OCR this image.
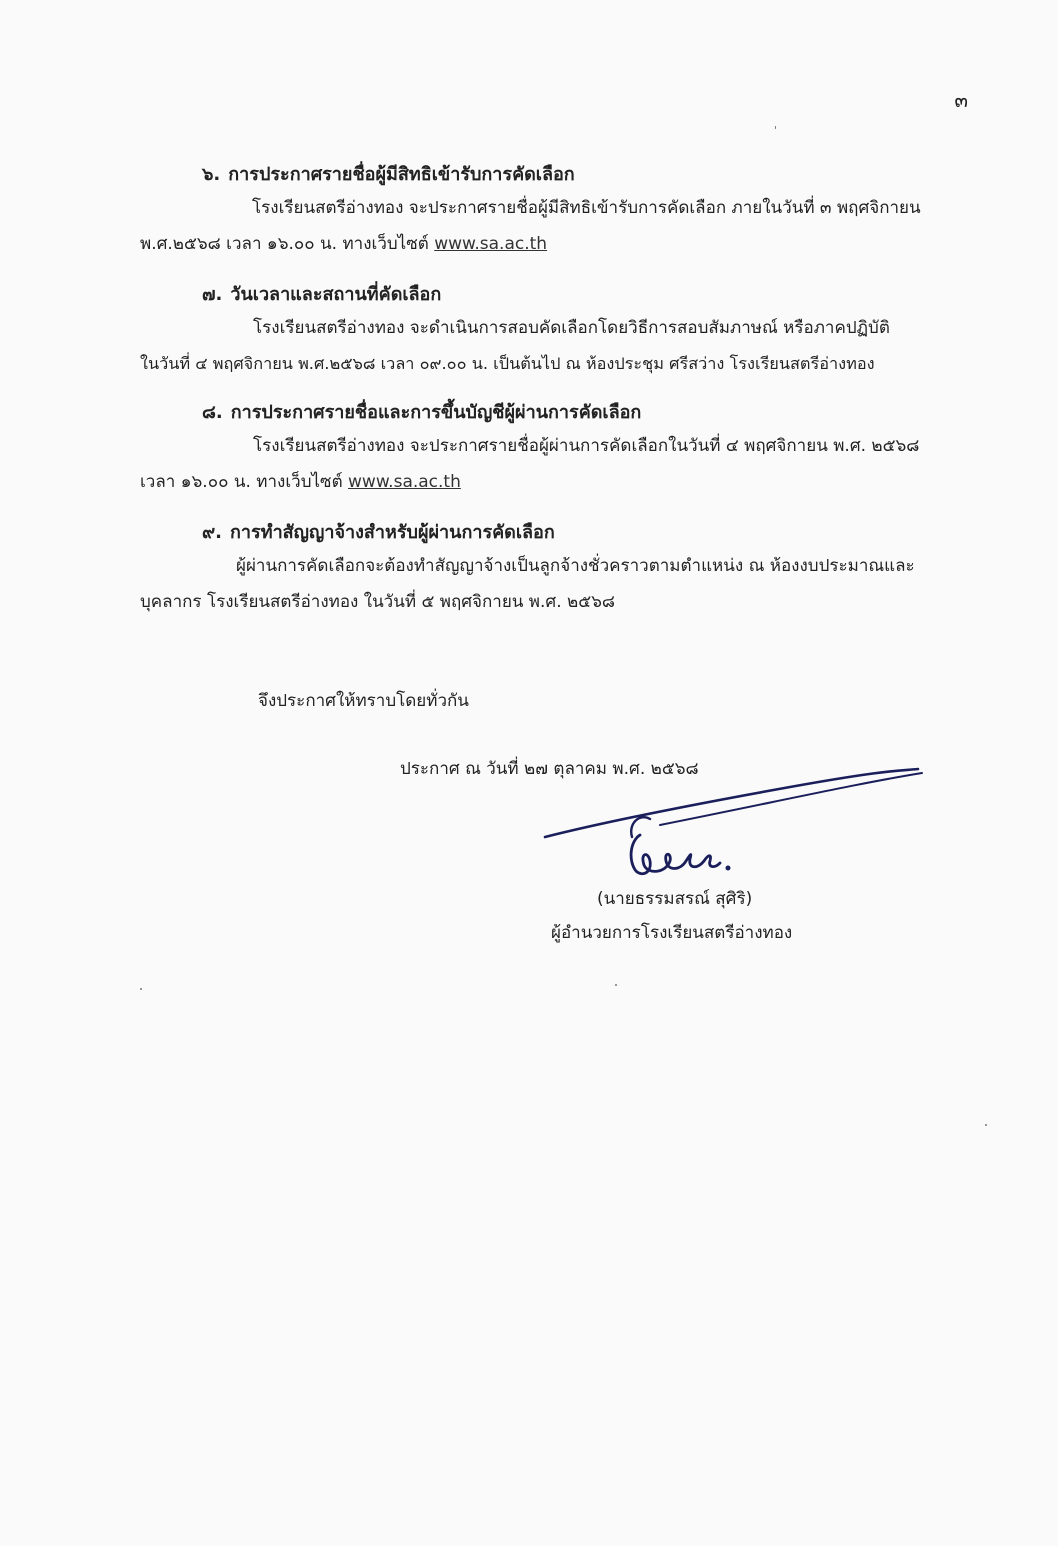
๓
๖. การประกาศรายชื่อผู้มีสิทธิเข้ารับการคัดเลือก
โรงเรียนสตรีอ่างทอง จะประกาศรายชื่อผู้มีสิทธิเข้ารับการคัดเลือก ภายในวันที่ ๓ พฤศจิกายน
พ.ศ.๒๕๖๘ เวลา ๑๖.๐๐ น. ทางเว็บไซต์ www.sa.ac.th
๗. วันเวลาและสถานที่คัดเลือก
โรงเรียนสตรีอ่างทอง จะดำเนินการสอบคัดเลือกโดยวิธีการสอบสัมภาษณ์ หรือภาคปฏิบัติ
ในวันที่ ๔ พฤศจิกายน พ.ศ.๒๕๖๘ เวลา ๐๙.๐๐ น. เป็นต้นไป ณ ห้องประชุม ศรีสว่าง โรงเรียนสตรีอ่างทอง
๘. การประกาศรายชื่อและการขึ้นบัญชีผู้ผ่านการคัดเลือก
โรงเรียนสตรีอ่างทอง จะประกาศรายชื่อผู้ผ่านการคัดเลือกในวันที่ ๔ พฤศจิกายน พ.ศ. ๒๕๖๘
เวลา ๑๖.๐๐ น. ทางเว็บไซต์ www.sa.ac.th
๙. การทำสัญญาจ้างสำหรับผู้ผ่านการคัดเลือก
ผู้ผ่านการคัดเลือกจะต้องทำสัญญาจ้างเป็นลูกจ้างชั่วคราวตามตำแหน่ง ณ ห้องงบประมาณและ
บุคลากร โรงเรียนสตรีอ่างทอง ในวันที่ ๕ พฤศจิกายน พ.ศ. ๒๕๖๘
จึงประกาศให้ทราบโดยทั่วกัน
ประกาศ ณ วันที่ ๒๗ ตุลาคม พ.ศ. ๒๕๖๘
(นายธรรมสรณ์ สุศิริ)
ผู้อำนวยการโรงเรียนสตรีอ่างทอง
